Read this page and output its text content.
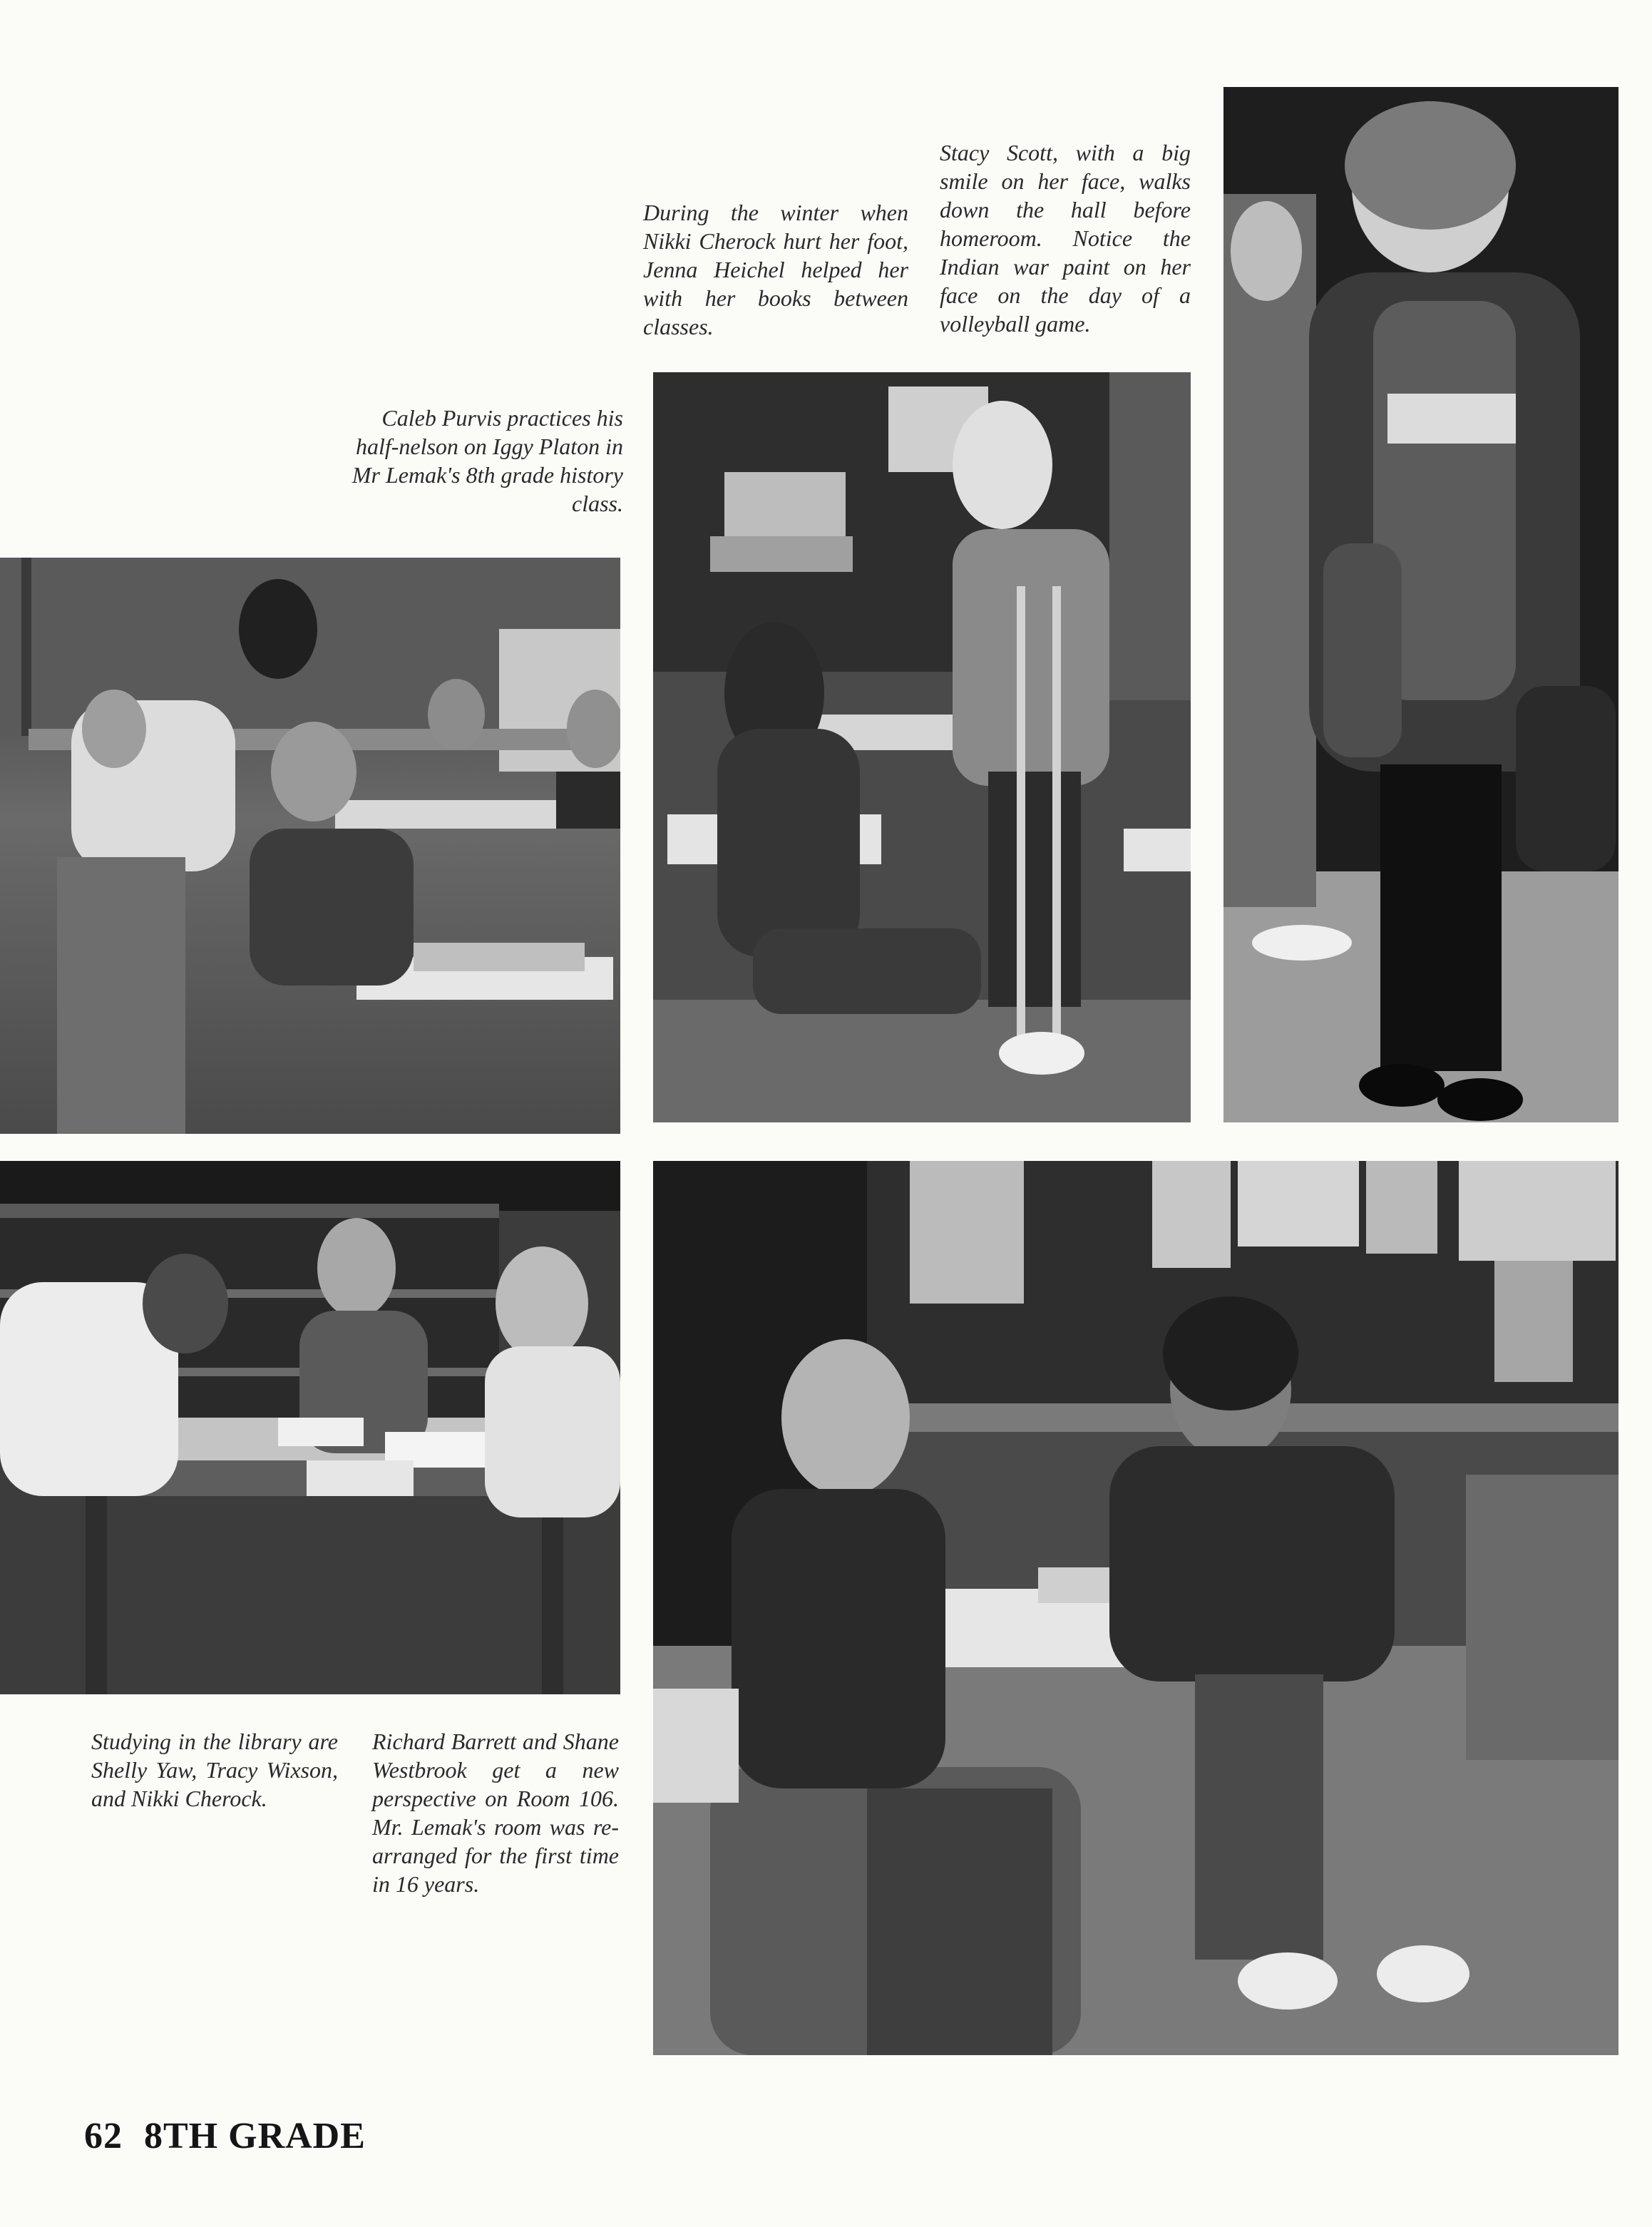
During the winter when Nikki Cherock hurt her foot, Jenna Heichel helped her with her books between classes.
Stacy Scott, with a big smile on her face, walks down the hall before homeroom. Notice the Indian war paint on her face on the day of a volleyball game.
Caleb Purvis practices his half-nelson on Iggy Platon in Mr Lemak's 8th grade history class.
Studying in the library are Shelly Yaw, Tracy Wixson, and Nikki Cherock.
Richard Barrett and Shane Westbrook get a new perspective on Room 106. Mr. Lemak's room was re-arranged for the first time in 16 years.
62 8TH GRADE
